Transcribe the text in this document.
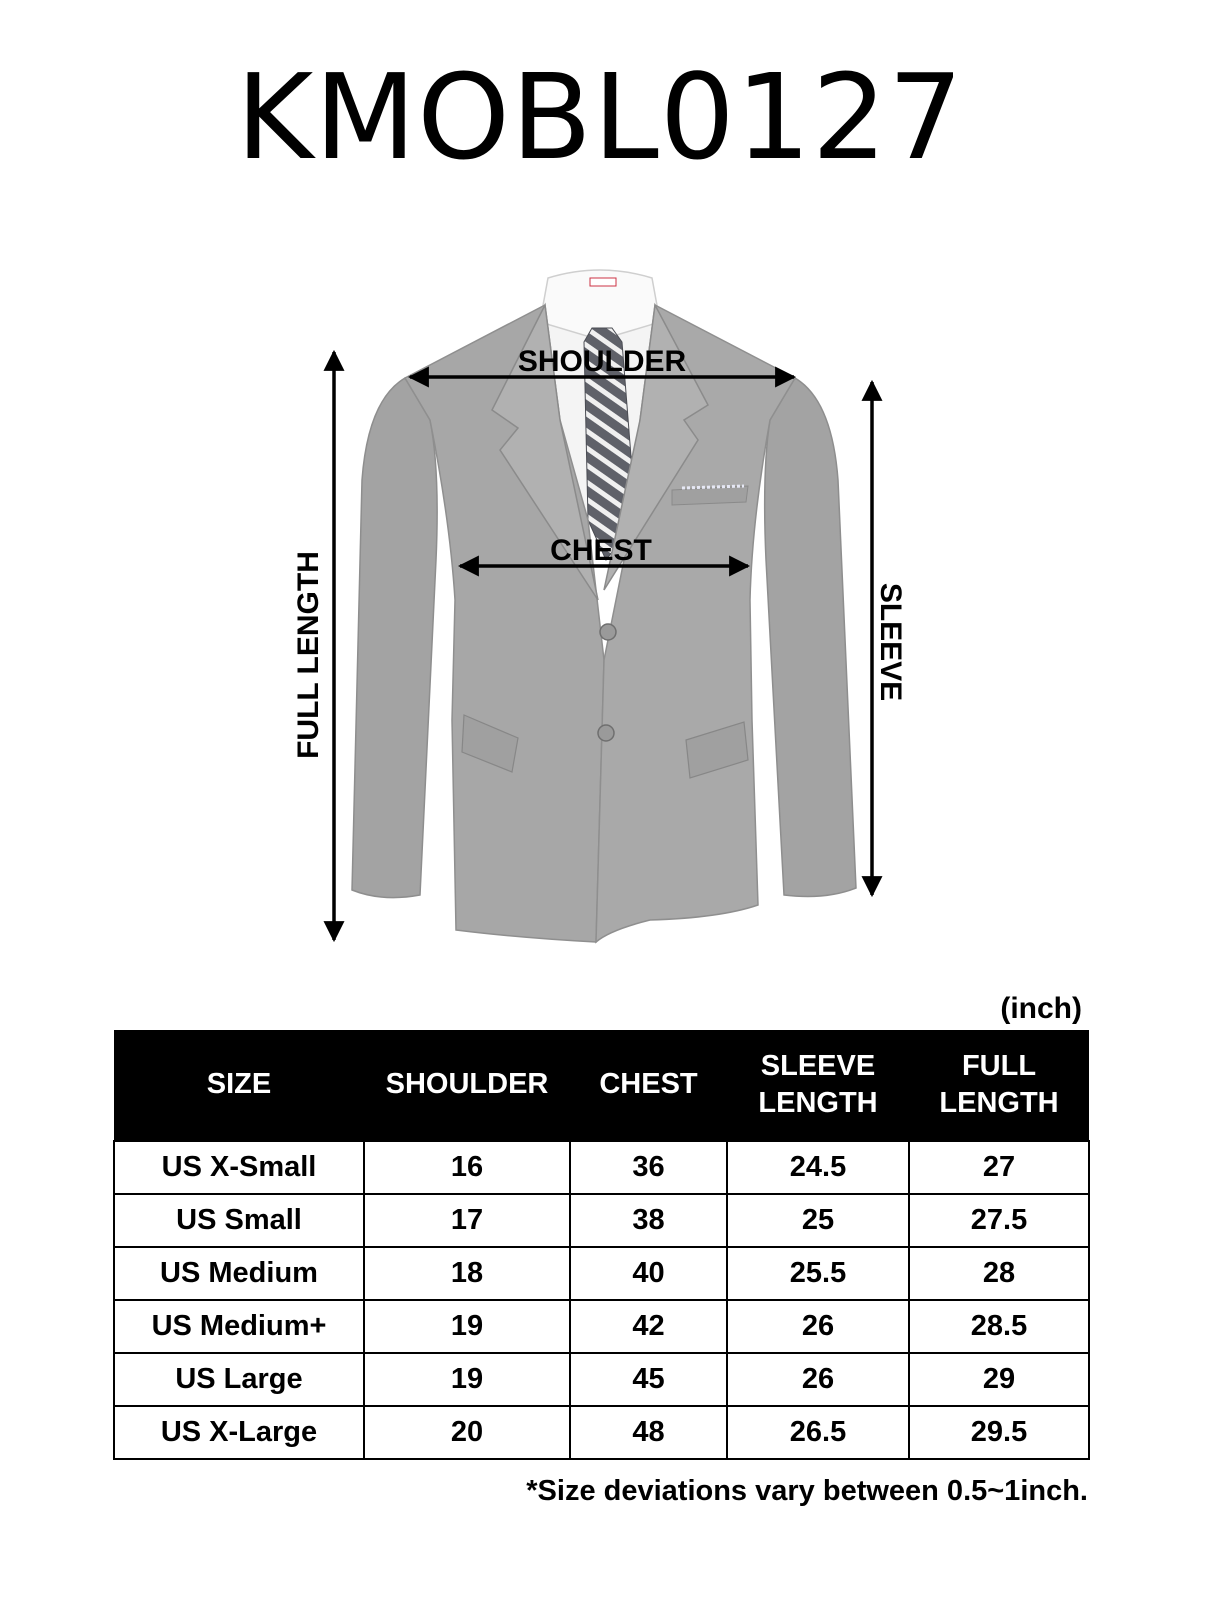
KMOBL0127
SHOULDER
CHEST
FULL LENGTH	SLEEVE
(inch)
SIZE	SHOULDER	CHEST	SLEEVE LENGTH	FULL LENGTH
US X-Small	16	36	24.5	27
US Small	17	38	25	27.5
US Medium	18	40	25.5	28
US Medium+	19	42	26	28.5
US Large	19	45	26	29
US X-Large	20	48	26.5	29.5
*Size deviations vary between 0.5~1inch.
